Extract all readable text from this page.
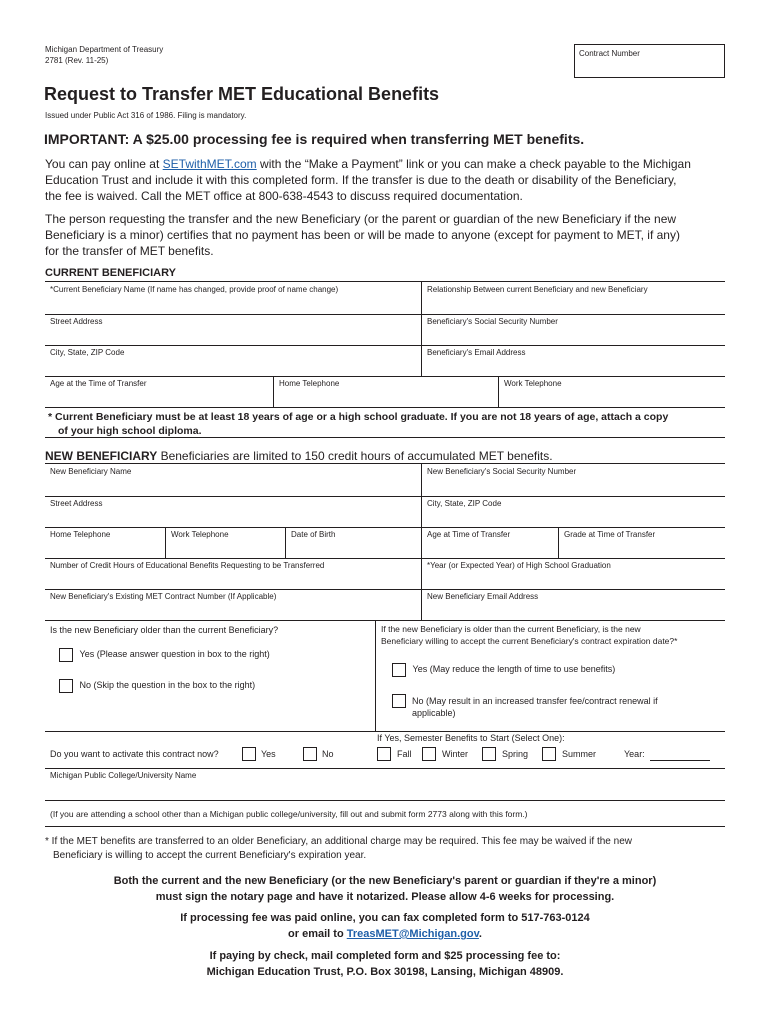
Michigan Department of Treasury
2781 (Rev. 11-25)
Contract Number
Request to Transfer MET Educational Benefits
Issued under Public Act 316 of 1986. Filing is mandatory.
IMPORTANT: A $25.00 processing fee is required when transferring MET benefits.
You can pay online at SETwithMET.com with the “Make a Payment” link or you can make a check payable to the Michigan
Education Trust and include it with this completed form. If the transfer is due to the death or disability of the Beneficiary,
the fee is waived. Call the MET office at 800-638-4543 to discuss required documentation.
The person requesting the transfer and the new Beneficiary (or the parent or guardian of the new Beneficiary if the new
Beneficiary is a minor) certifies that no payment has been or will be made to anyone (except for payment to MET, if any)
for the transfer of MET benefits.
CURRENT BENEFICIARY
*Current Beneficiary Name (If name has changed, provide proof of name change)	Relationship Between current Beneficiary and new Beneficiary
Street Address	Beneficiary's Social Security Number
City, State, ZIP Code	Beneficiary's Email Address
Age at the Time of Transfer	Home Telephone	Work Telephone
* Current Beneficiary must be at least 18 years of age or a high school graduate. If you are not 18 years of age, attach a copy
of your high school diploma.
NEW BENEFICIARY Beneficiaries are limited to 150 credit hours of accumulated MET benefits.
New Beneficiary Name	New Beneficiary's Social Security Number
Street Address	City, State, ZIP Code
Home Telephone	Work Telephone	Date of Birth	Age at Time of Transfer	Grade at Time of Transfer
Number of Credit Hours of Educational Benefits Requesting to be Transferred	*Year (or Expected Year) of High School Graduation
New Beneficiary's Existing MET Contract Number (If Applicable)	New Beneficiary Email Address
Is the new Beneficiary older than the current Beneficiary?
Yes (Please answer question in box to the right)
No (Skip the question in the box to the right)
If the new Beneficiary is older than the current Beneficiary, is the new
Beneficiary willing to accept the current Beneficiary's contract expiration date?*
Yes (May reduce the length of time to use benefits)
No (May result in an increased transfer fee/contract renewal if
applicable)
Do you want to activate this contract now?	Yes	No
If Yes, Semester Benefits to Start (Select One):
Fall	Winter	Spring	Summer	Year:
Michigan Public College/University Name
(If you are attending a school other than a Michigan public college/university, fill out and submit form 2773 along with this form.)
* If the MET benefits are transferred to an older Beneficiary, an additional charge may be required. This fee may be waived if the new
Beneficiary is willing to accept the current Beneficiary's expiration year.
Both the current and the new Beneficiary (or the new Beneficiary's parent or guardian if they're a minor)
must sign the notary page and have it notarized. Please allow 4-6 weeks for processing.
If processing fee was paid online, you can fax completed form to 517-763-0124
or email to TreasMET@Michigan.gov.
If paying by check, mail completed form and $25 processing fee to:
Michigan Education Trust, P.O. Box 30198, Lansing, Michigan 48909.
